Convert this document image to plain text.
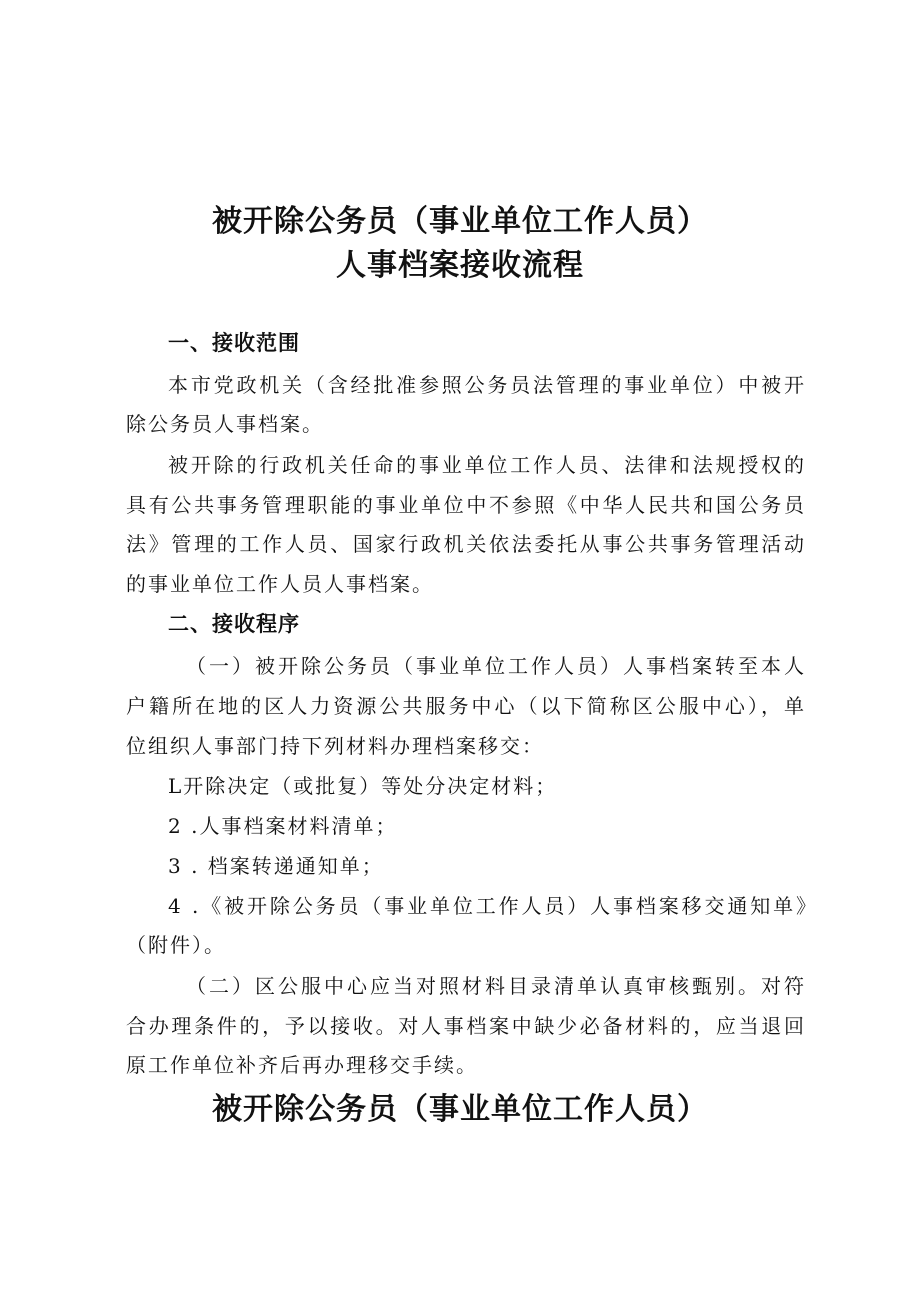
被开除公务员（事业单位工作人员）
人事档案接收流程
一、接收范围
本市党政机关（含经批准参照公务员法管理的事业单位）中被开
除公务员人事档案。
被开除的行政机关任命的事业单位工作人员、法律和法规授权的
具有公共事务管理职能的事业单位中不参照《中华人民共和国公务员
法》管理的工作人员、国家行政机关依法委托从事公共事务管理活动
的事业单位工作人员人事档案。
二、接收程序
（一）被开除公务员（事业单位工作人员）人事档案转至本人
户籍所在地的区人力资源公共服务中心（以下简称区公服中心），单
位组织人事部门持下列材料办理档案移交：
L开除决定（或批复）等处分决定材料；
2 .人事档案材料清单；
3 . 档案转递通知单；
4 .《被开除公务员（事业单位工作人员）人事档案移交通知单》
（附件）。
（二）区公服中心应当对照材料目录清单认真审核甄别。对符
合办理条件的，予以接收。对人事档案中缺少必备材料的，应当退回
原工作单位补齐后再办理移交手续。
被开除公务员（事业单位工作人员）
